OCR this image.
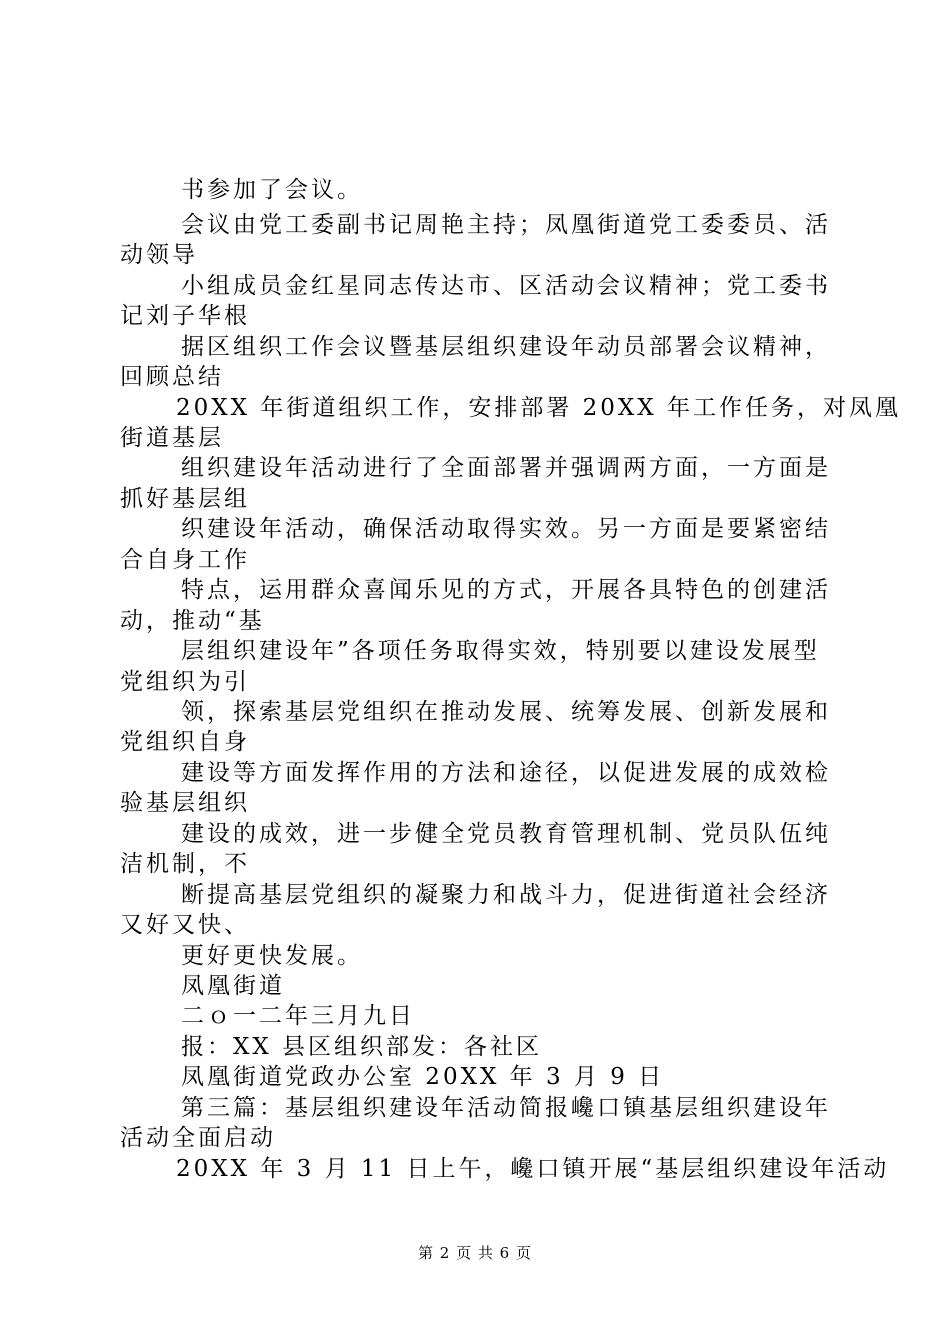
书参加了会议。
会议由党工委副书记周艳主持；凤凰街道党工委委员、活
动领导
小组成员金红星同志传达市、区活动会议精神；党工委书
记刘子华根
据区组织工作会议暨基层组织建设年动员部署会议精神，
回顾总结
20XX 年街道组织工作，安排部署 20XX 年工作任务，对凤凰
街道基层
组织建设年活动进行了全面部署并强调两方面，一方面是
抓好基层组
织建设年活动，确保活动取得实效。另一方面是要紧密结
合自身工作
特点，运用群众喜闻乐见的方式，开展各具特色的创建活
动，推动“基
层组织建设年”各项任务取得实效，特别要以建设发展型
党组织为引
领，探索基层党组织在推动发展、统筹发展、创新发展和
党组织自身
建设等方面发挥作用的方法和途径，以促进发展的成效检
验基层组织
建设的成效，进一步健全党员教育管理机制、党员队伍纯
洁机制，不
断提高基层党组织的凝聚力和战斗力，促进街道社会经济
又好又快、
更好更快发展。
凤凰街道
二ｏ一二年三月九日
报：XX 县区组织部发：各社区
凤凰街道党政办公室 20XX 年 3 月 9 日
第三篇：基层组织建设年活动简报巉口镇基层组织建设年
活动全面启动
20XX 年 3 月 11 日上午，巉口镇开展“基层组织建设年活动
第 2 页 共 6 页
